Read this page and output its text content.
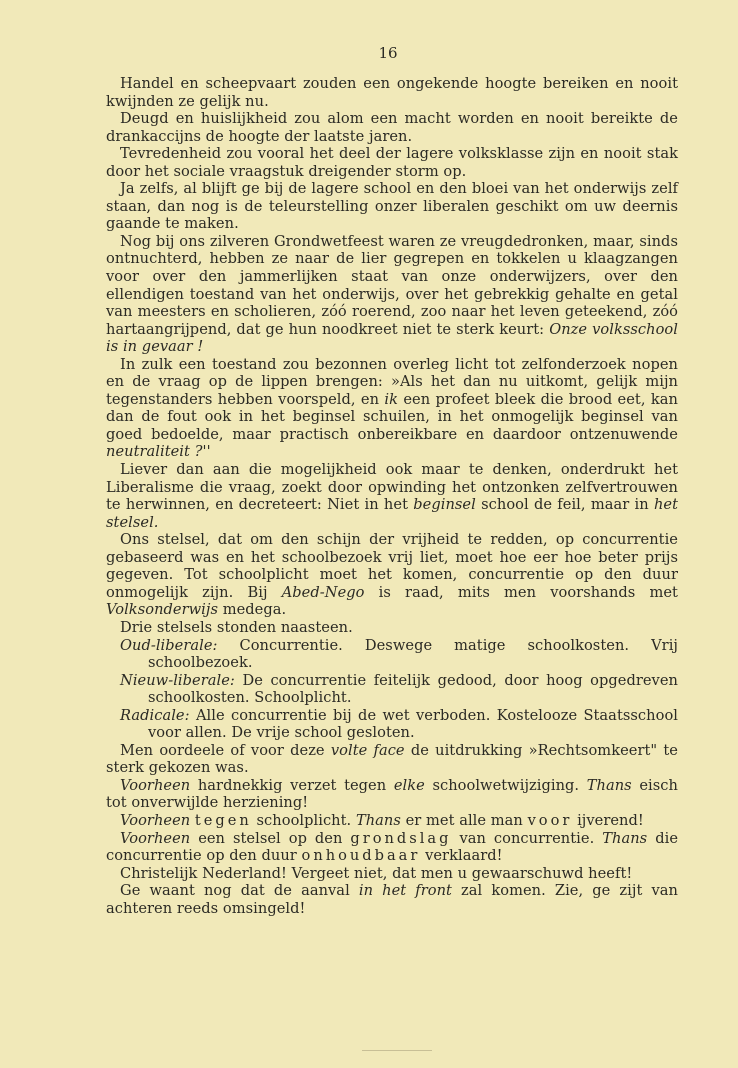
16

Handel en scheepvaart zouden een ongekende hoogte bereiken en nooit kwijnden ze gelijk nu.

Deugd en huislijkheid zou alom een macht worden en nooit bereikte de drankaccijns de hoogte der laatste jaren.

Tevredenheid zou vooral het deel der lagere volksklasse zijn en nooit stak door het sociale vraagstuk dreigender storm op.

Ja zelfs, al blijft ge bij de lagere school en den bloei van het onderwijs zelf staan, dan nog is de teleurstelling onzer liberalen geschikt om uw deernis gaande te maken.

Nog bij ons zilveren Grondwetfeest waren ze vreugdedronken, maar, sinds ontnuchterd, hebben ze naar de lier gegrepen en tokkelen u klaagzangen voor over den jammerlijken staat van onze onderwijzers, over den ellendigen toestand van het onderwijs, over het gebrekkig gehalte en getal van meesters en scholieren, zóó roerend, zoo naar het leven geteekend, zóó hartaangrijpend, dat ge hun noodkreet niet te sterk keurt: Onze volksschool is in gevaar !

In zulk een toestand zou bezonnen overleg licht tot zelfonderzoek nopen en de vraag op de lippen brengen: »Als het dan nu uitkomt, gelijk mijn tegenstanders hebben voorspeld, en ik een profeet bleek die brood eet, kan dan de fout ook in het beginsel schuilen, in het onmogelijk beginsel van goed bedoelde, maar practisch onbereikbare en daardoor ontzenuwende neutraliteit ?''

Liever dan aan die mogelijkheid ook maar te denken, onderdrukt het Liberalisme die vraag, zoekt door opwinding het ontzonken zelfvertrouwen te herwinnen, en decreteert: Niet in het beginsel school de feil, maar in het stelsel.

Ons stelsel, dat om den schijn der vrijheid te redden, op concurrentie gebaseerd was en het schoolbezoek vrij liet, moet hoe eer hoe beter prijs gegeven. Tot schoolplicht moet het komen, concurrentie op den duur onmogelijk zijn. Bij Abed-Nego is raad, mits men voorshands met Volksonderwijs medega.

Drie stelsels stonden naasteen.

Oud-liberale: Concurrentie. Deswege matige schoolkosten. Vrij schoolbezoek.

Nieuw-liberale: De concurrentie feitelijk gedood, door hoog opgedreven schoolkosten. Schoolplicht.

Radicale: Alle concurrentie bij de wet verboden. Kostelooze Staatsschool voor allen. De vrije school gesloten.

Men oordeele of voor deze volte face de uitdrukking »Rechtsomkeert" te sterk gekozen was.

Voorheen hardnekkig verzet tegen elke schoolwetwijziging. Thans eisch tot onverwijlde herziening!

Voorheen tegen schoolplicht. Thans er met alle man voor ijverend!

Voorheen een stelsel op den grondslag van concurrentie. Thans die concurrentie op den duur onhoudbaar verklaard!

Christelijk Nederland! Vergeet niet, dat men u gewaarschuwd heeft!

Ge waant nog dat de aanval in het front zal komen. Zie, ge zijt van achteren reeds omsingeld!
